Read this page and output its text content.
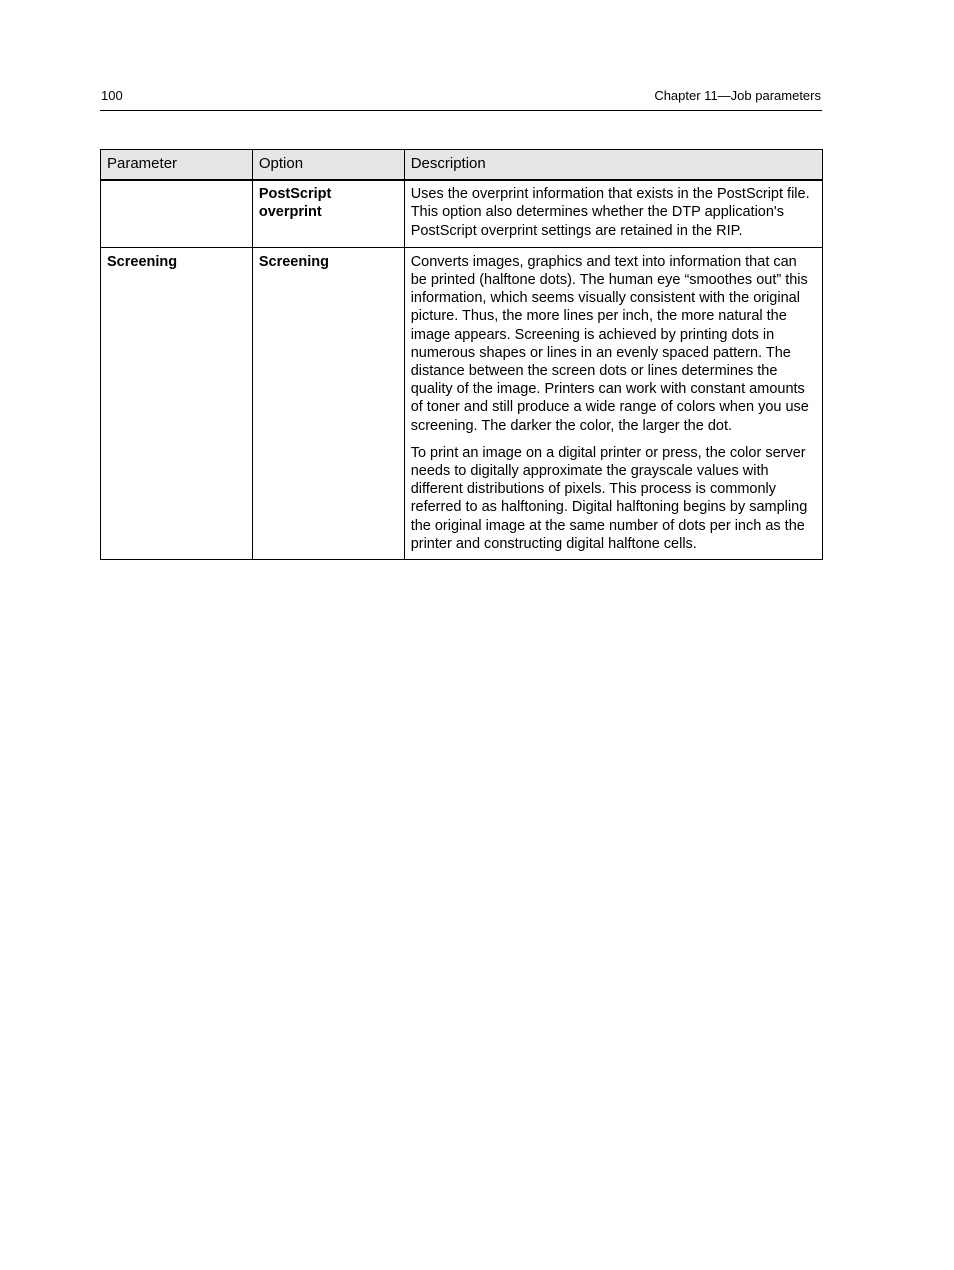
100	Chapter 11—Job parameters
Parameter	Option	Description
	PostScript overprint	Uses the overprint information that exists in the PostScript file. This option also determines whether the DTP application's PostScript overprint settings are retained in the RIP.

Screening	Screening	Converts images, graphics and text into information that can be printed (halftone dots). The human eye “smoothes out” this information, which seems visually consistent with the original picture. Thus, the more lines per inch, the more natural the image appears. Screening is achieved by printing dots in numerous shapes or lines in an evenly spaced pattern. The distance between the screen dots or lines determines the quality of the image. Printers can work with constant amounts of toner and still produce a wide range of colors when you use screening. The darker the color, the larger the dot.

To print an image on a digital printer or press, the color server needs to digitally approximate the grayscale values with different distributions of pixels. This process is commonly referred to as halftoning. Digital halftoning begins by sampling the original image at the same number of dots per inch as the printer and constructing digital halftone cells.
